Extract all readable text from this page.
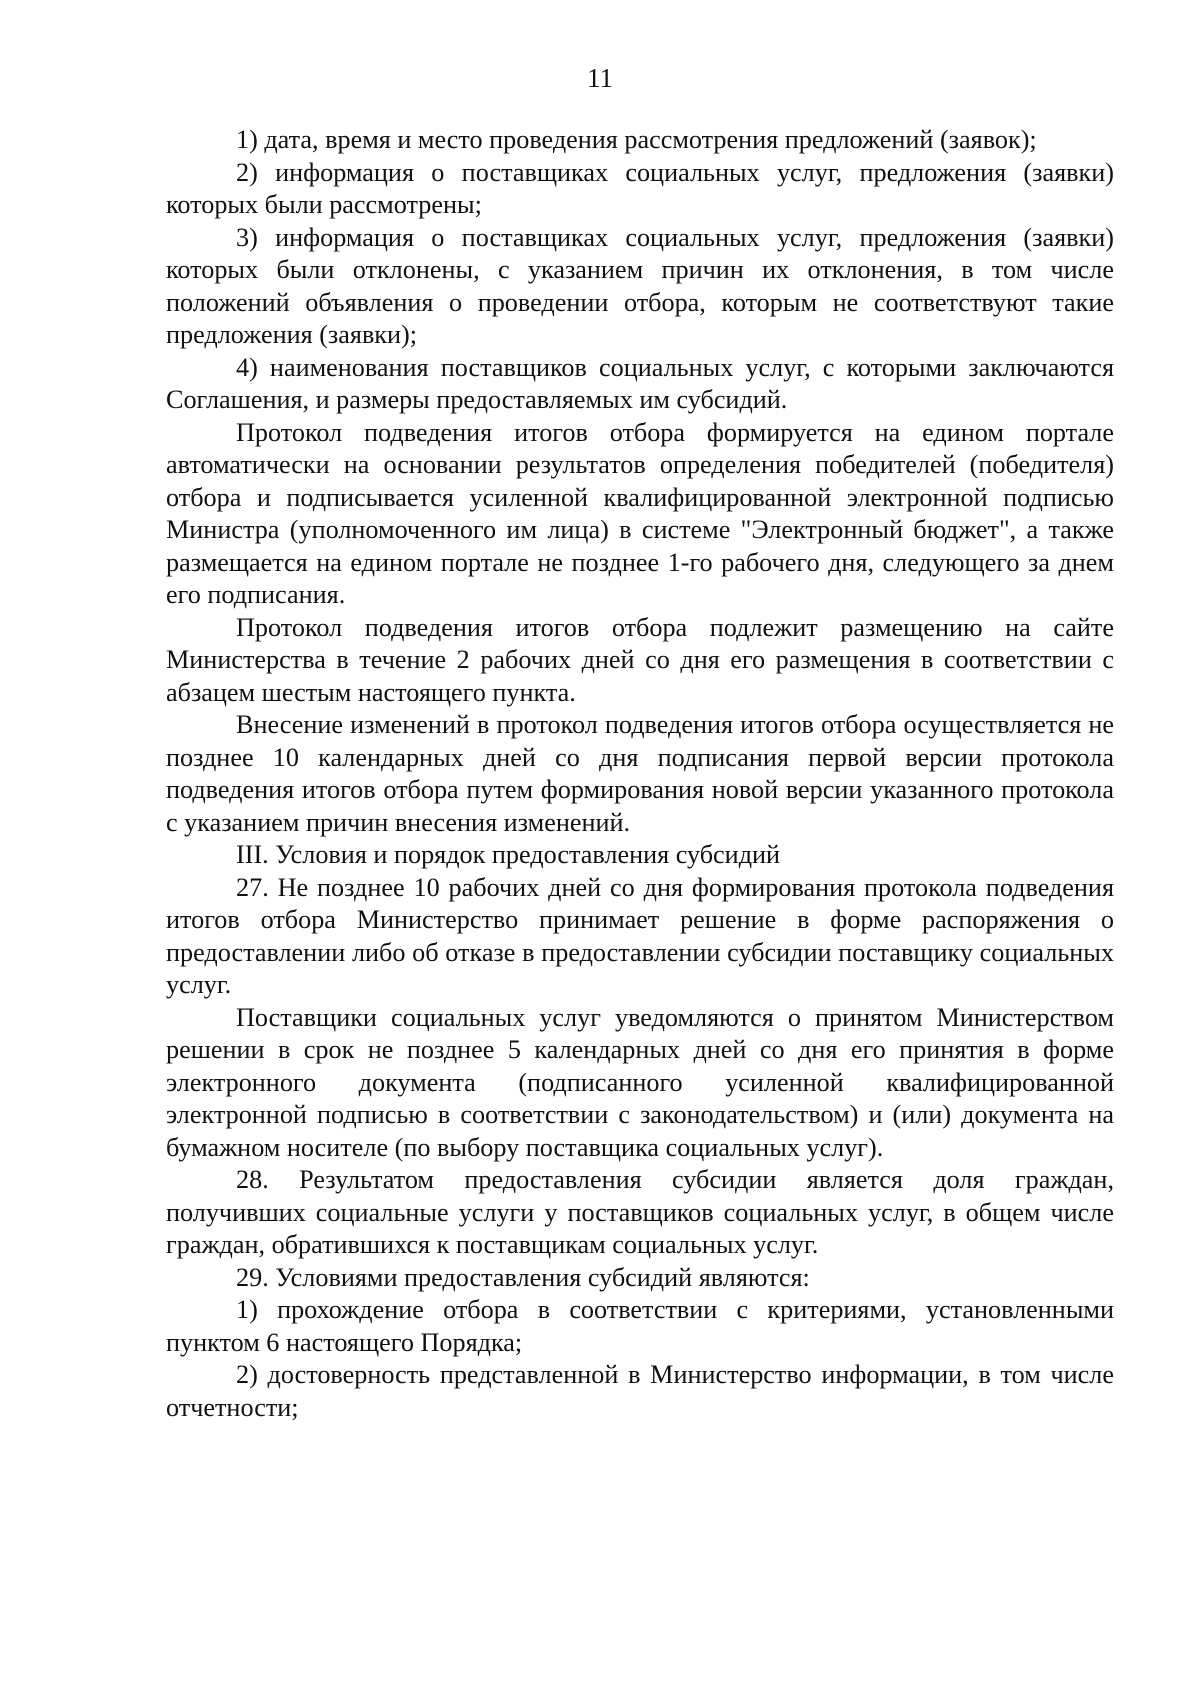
11

1) дата, время и место проведения рассмотрения предложений (заявок);

2) информация о поставщиках социальных услуг, предложения (заявки) которых были рассмотрены;

3) информация о поставщиках социальных услуг, предложения (заявки) которых были отклонены, с указанием причин их отклонения, в том числе положений объявления о проведении отбора, которым не соответствуют такие предложения (заявки);

4) наименования поставщиков социальных услуг, с которыми заключаются Соглашения, и размеры предоставляемых им субсидий.

Протокол подведения итогов отбора формируется на едином портале автоматически на основании результатов определения победителей (победителя) отбора и подписывается усиленной квалифицированной электронной подписью Министра (уполномоченного им лица) в системе "Электронный бюджет", а также размещается на едином портале не позднее 1-го рабочего дня, следующего за днем его подписания.

Протокол подведения итогов отбора подлежит размещению на сайте Министерства в течение 2 рабочих дней со дня его размещения в соответствии с абзацем шестым настоящего пункта.

Внесение изменений в протокол подведения итогов отбора осуществляется не позднее 10 календарных дней со дня подписания первой версии протокола подведения итогов отбора путем формирования новой версии указанного протокола с указанием причин внесения изменений.

III. Условия и порядок предоставления субсидий

27. Не позднее 10 рабочих дней со дня формирования протокола подведения итогов отбора Министерство принимает решение в форме распоряжения о предоставлении либо об отказе в предоставлении субсидии поставщику социальных услуг.

Поставщики социальных услуг уведомляются о принятом Министерством решении в срок не позднее 5 календарных дней со дня его принятия в форме электронного документа (подписанного усиленной квалифицированной электронной подписью в соответствии с законодательством) и (или) документа на бумажном носителе (по выбору поставщика социальных услуг).

28. Результатом предоставления субсидии является доля граждан, получивших социальные услуги у поставщиков социальных услуг, в общем числе граждан, обратившихся к поставщикам социальных услуг.

29. Условиями предоставления субсидий являются:

1) прохождение отбора в соответствии с критериями, установленными пунктом 6 настоящего Порядка;

2) достоверность представленной в Министерство информации, в том числе отчетности;
